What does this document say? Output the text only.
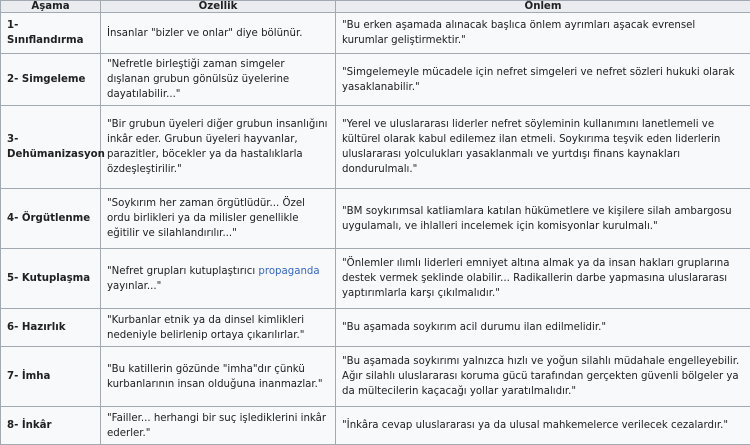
Aşama	Özellik	Önlem
1- Sınıflandırma	İnsanlar "bizler ve onlar" diye bölünür.	"Bu erken aşamada alınacak başlıca önlem ayrımları aşacak evrensel kurumlar geliştirmektir."
2- Simgeleme	"Nefretle birleştiği zaman simgeler dışlanan grubun gönülsüz üyelerine dayatılabilir..."	"Simgelemeyle mücadele için nefret simgeleri ve nefret sözleri hukuki olarak yasaklanabilir."
3- Dehümanizasyon	"Bir grubun üyeleri diğer grubun insanlığını inkâr eder. Grubun üyeleri hayvanlar, parazitler, böcekler ya da hastalıklarla özdeşleştirilir."	"Yerel ve uluslararası liderler nefret söyleminin kullanımını lanetlemeli ve kültürel olarak kabul edilemez ilan etmeli. Soykırıma teşvik eden liderlerin uluslararası yolculukları yasaklanmalı ve yurtdışı finans kaynakları dondurulmalı."
4- Örgütlenme	"Soykırım her zaman örgütlüdür... Özel ordu birlikleri ya da milisler genellikle eğitilir ve silahlandırılır..."	"BM soykırımsal katliamlara katılan hükümetlere ve kişilere silah ambargosu uygulamalı, ve ihlalleri incelemek için komisyonlar kurulmalı."
5- Kutuplaşma	"Nefret grupları kutuplaştırıcı propaganda yayınlar..."	"Önlemler ılımlı liderleri emniyet altına almak ya da insan hakları gruplarına destek vermek şeklinde olabilir... Radikallerin darbe yapmasına uluslararası yaptırımlarla karşı çıkılmalıdır."
6- Hazırlık	"Kurbanlar etnik ya da dinsel kimlikleri nedeniyle belirlenip ortaya çıkarılırlar."	"Bu aşamada soykırım acil durumu ilan edilmelidir."
7- İmha	"Bu katillerin gözünde "imha"dır çünkü kurbanlarının insan olduğuna inanmazlar."	"Bu aşamada soykırımı yalnızca hızlı ve yoğun silahlı müdahale engelleyebilir. Ağır silahlı uluslararası koruma gücü tarafından gerçekten güvenli bölgeler ya da mültecilerin kaçacağı yollar yaratılmalıdır."
8- İnkâr	"Failler... herhangi bir suç işlediklerini inkâr ederler."	"İnkâra cevap uluslararası ya da ulusal mahkemelerce verilecek cezalardır."
